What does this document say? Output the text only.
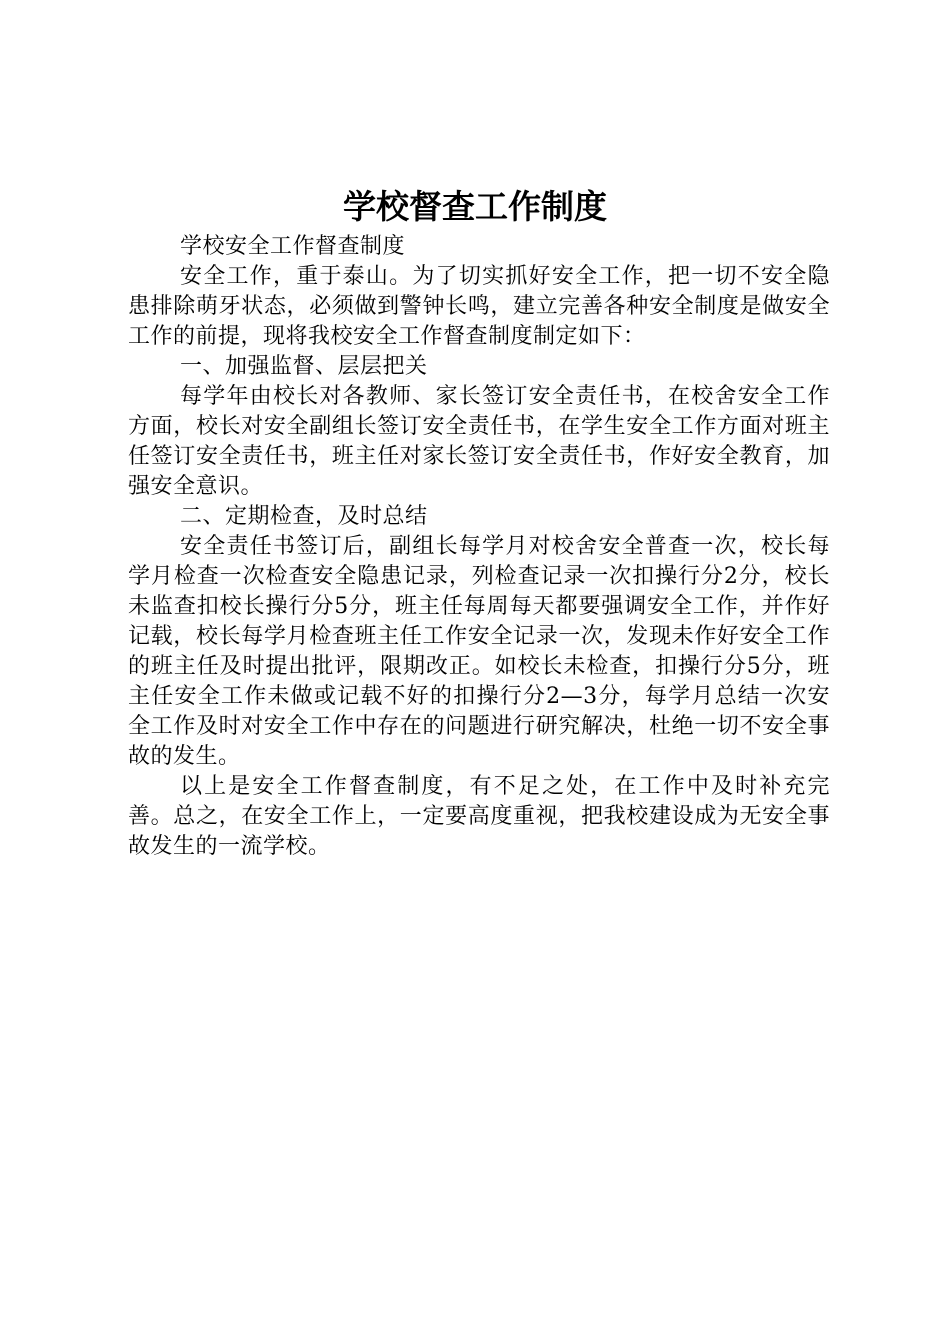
学校督查工作制度

学校安全工作督查制度

安全工作，重于泰山。为了切实抓好安全工作，把一切不安全隐患排除萌牙状态，必须做到警钟长鸣，建立完善各种安全制度是做安全工作的前提，现将我校安全工作督查制度制定如下：

一、加强监督、层层把关

每学年由校长对各教师、家长签订安全责任书，在校舍安全工作方面，校长对安全副组长签订安全责任书，在学生安全工作方面对班主任签订安全责任书，班主任对家长签订安全责任书，作好安全教育，加强安全意识。

二、定期检查，及时总结

安全责任书签订后，副组长每学月对校舍安全普查一次，校长每学月检查一次检查安全隐患记录，列检查记录一次扣操行分2分，校长未监查扣校长操行分5分，班主任每周每天都要强调安全工作，并作好记载，校长每学月检查班主任工作安全记录一次，发现未作好安全工作的班主任及时提出批评，限期改正。如校长未检查，扣操行分5分，班主任安全工作未做或记载不好的扣操行分2—3分，每学月总结一次安全工作及时对安全工作中存在的问题进行研究解决，杜绝一切不安全事故的发生。

以上是安全工作督查制度，有不足之处，在工作中及时补充完善。总之，在安全工作上，一定要高度重视，把我校建设成为无安全事故发生的一流学校。
